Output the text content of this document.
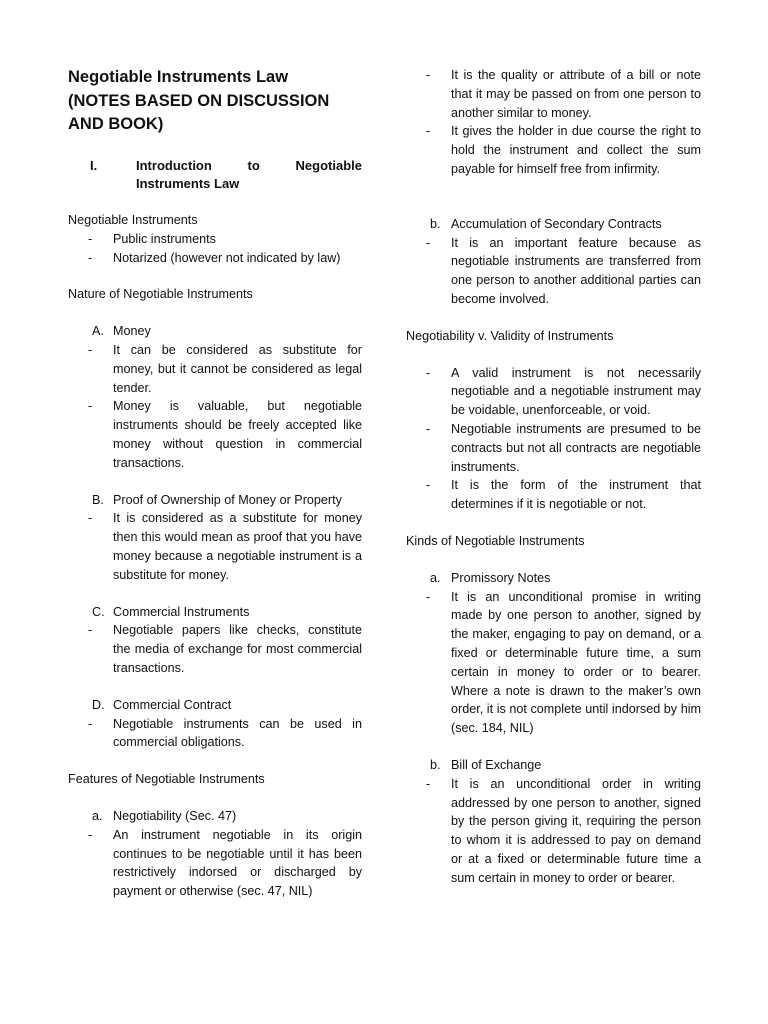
Negotiable Instruments Law

(NOTES BASED ON DISCUSSION AND BOOK)

I.	Introduction to Negotiable Instruments Law

Negotiable Instruments

-	Public instruments
-	Notarized (however not indicated by law)

Nature of Negotiable Instruments

A. Money
-	It can be considered as substitute for money, but it cannot be considered as legal tender.
-	Money is valuable, but negotiable instruments should be freely accepted like money without question in commercial transactions.
B. Proof of Ownership of Money or Property
-	It is considered as a substitute for money then this would mean as proof that you have money because a negotiable instrument is a substitute for money.
C. Commercial Instruments
-	Negotiable papers like checks, constitute the media of exchange for most commercial transactions.
D. Commercial Contract
-	Negotiable instruments can be used in commercial obligations.

Features of Negotiable Instruments

a. Negotiability (Sec. 47)
-	An instrument negotiable in its origin continues to be negotiable until it has been restrictively indorsed or discharged by payment or otherwise (sec. 47, NIL)
-	It is the quality or attribute of a bill or note that it may be passed on from one person to another similar to money.
-	It gives the holder in due course the right to hold the instrument and collect the sum payable for himself free from infirmity.
b. Accumulation of Secondary Contracts
-	It is an important feature because as negotiable instruments are transferred from one person to another additional parties can become involved.

Negotiability v. Validity of Instruments

-	A valid instrument is not necessarily negotiable and a negotiable instrument may be voidable, unenforceable, or void.
-	Negotiable instruments are presumed to be contracts but not all contracts are negotiable instruments.
-	It is the form of the instrument that determines if it is negotiable or not.

Kinds of Negotiable Instruments

a. Promissory Notes
-	It is an unconditional promise in writing made by one person to another, signed by the maker, engaging to pay on demand, or a fixed or determinable future time, a sum certain in money to order or to bearer. Where a note is drawn to the maker’s own order, it is not complete until indorsed by him (sec. 184, NIL)
b. Bill of Exchange
-	It is an unconditional order in writing addressed by one person to another, signed by the person giving it, requiring the person to whom it is addressed to pay on demand or at a fixed or determinable future time a sum certain in money to order or bearer.
